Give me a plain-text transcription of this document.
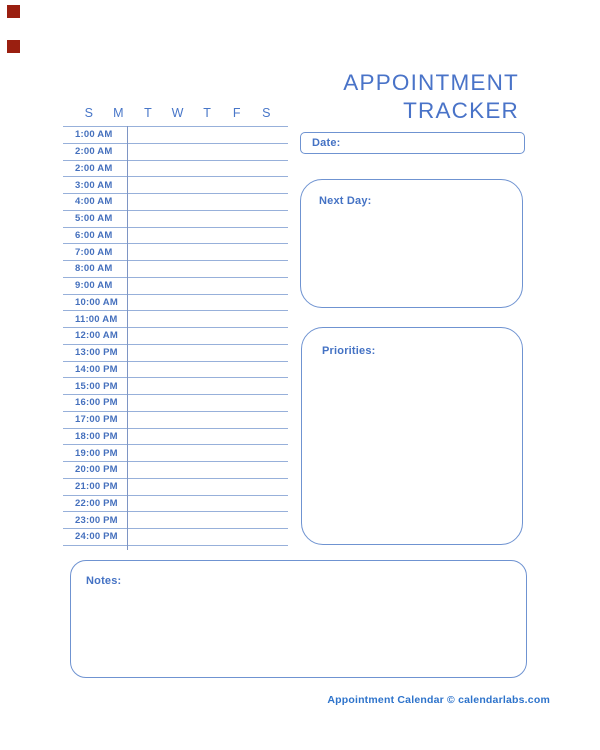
APPOINTMENT
TRACKER
S	M	T	W	T	F	S
1:00 AM
2:00 AM
2:00 AM
3:00 AM
4:00 AM
5:00 AM
6:00 AM
7:00 AM
8:00 AM
9:00 AM
10:00 AM
11:00 AM
12:00 AM
13:00 PM
14:00 PM
15:00 PM
16:00 PM
17:00 PM
18:00 PM
19:00 PM
20:00 PM
21:00 PM
22:00 PM
23:00 PM
24:00 PM
Date:
Next Day:
Priorities:
Notes:
Appointment Calendar © calendarlabs.com
